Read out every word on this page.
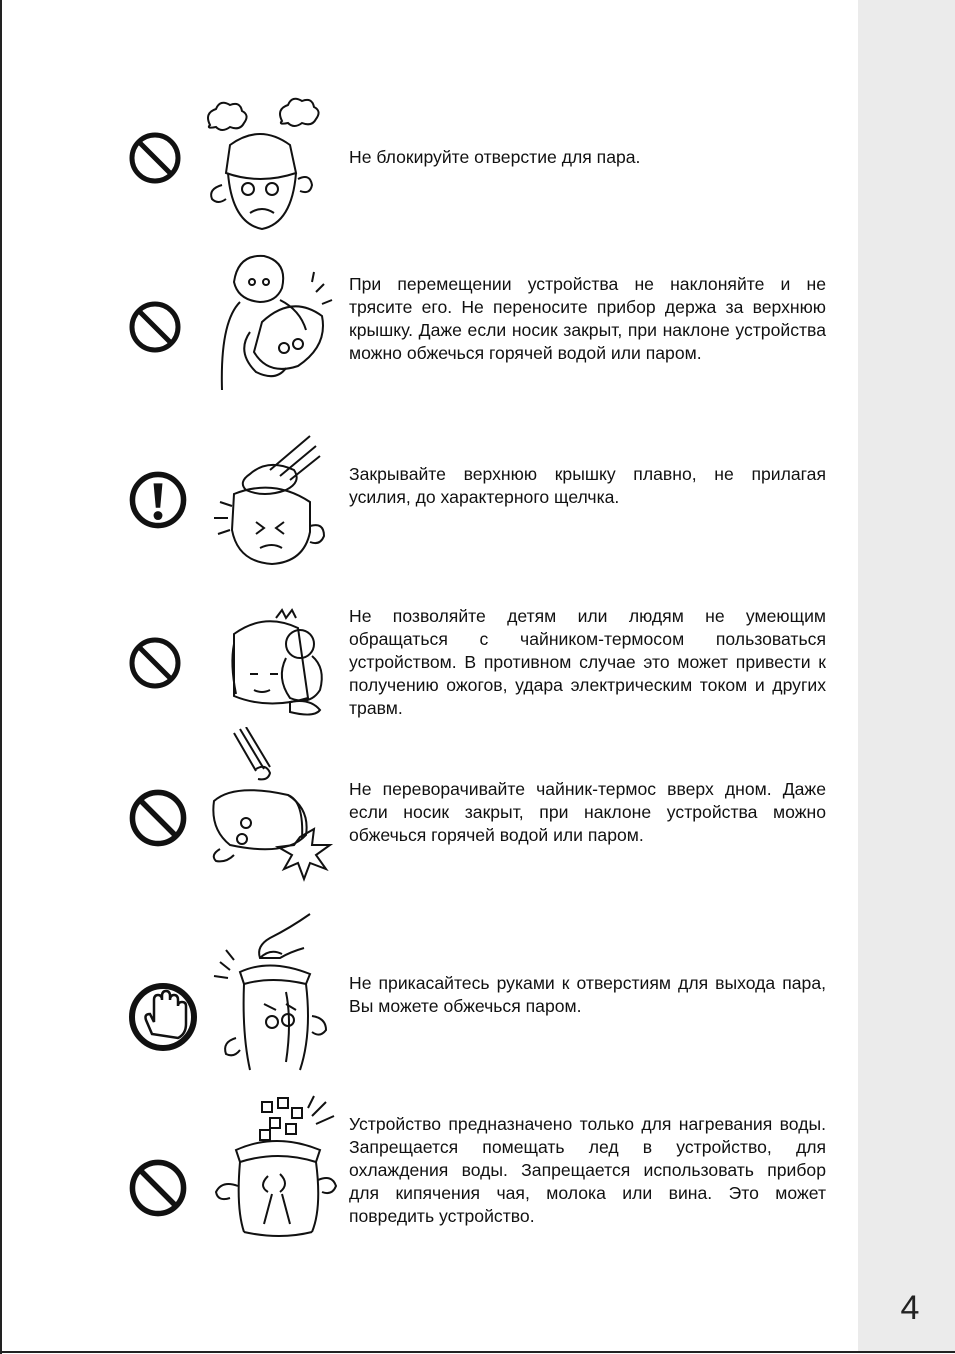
Не блокируйте отверстие для пара.
При перемещении устройства не наклоняйте и не трясите его. Не переносите прибор держа за верхнюю крышку. Даже если носик закрыт, при наклоне устройства можно обжечься горячей водой или паром.
Закрывайте верхнюю крышку плавно, не прилагая усилия, до характерного щелчка.
Не позволяйте детям или людям не умеющим обращаться с чайником-термосом пользоваться устройством. В противном случае это может привести к получению ожогов, удара электрическим током и других травм.
Не переворачивайте чайник-термос вверх дном. Даже если носик закрыт, при наклоне устройства можно обжечься горячей водой или паром.
Не прикасайтесь руками к отверстиям для выхода пара, Вы можете обжечься паром.
Устройство предназначено только для нагревания воды. Запрещается помещать лед в устройство, для охлаждения воды. Запрещается использовать прибор для кипячения чая, молока или вина. Это может повредить устройство.
4
